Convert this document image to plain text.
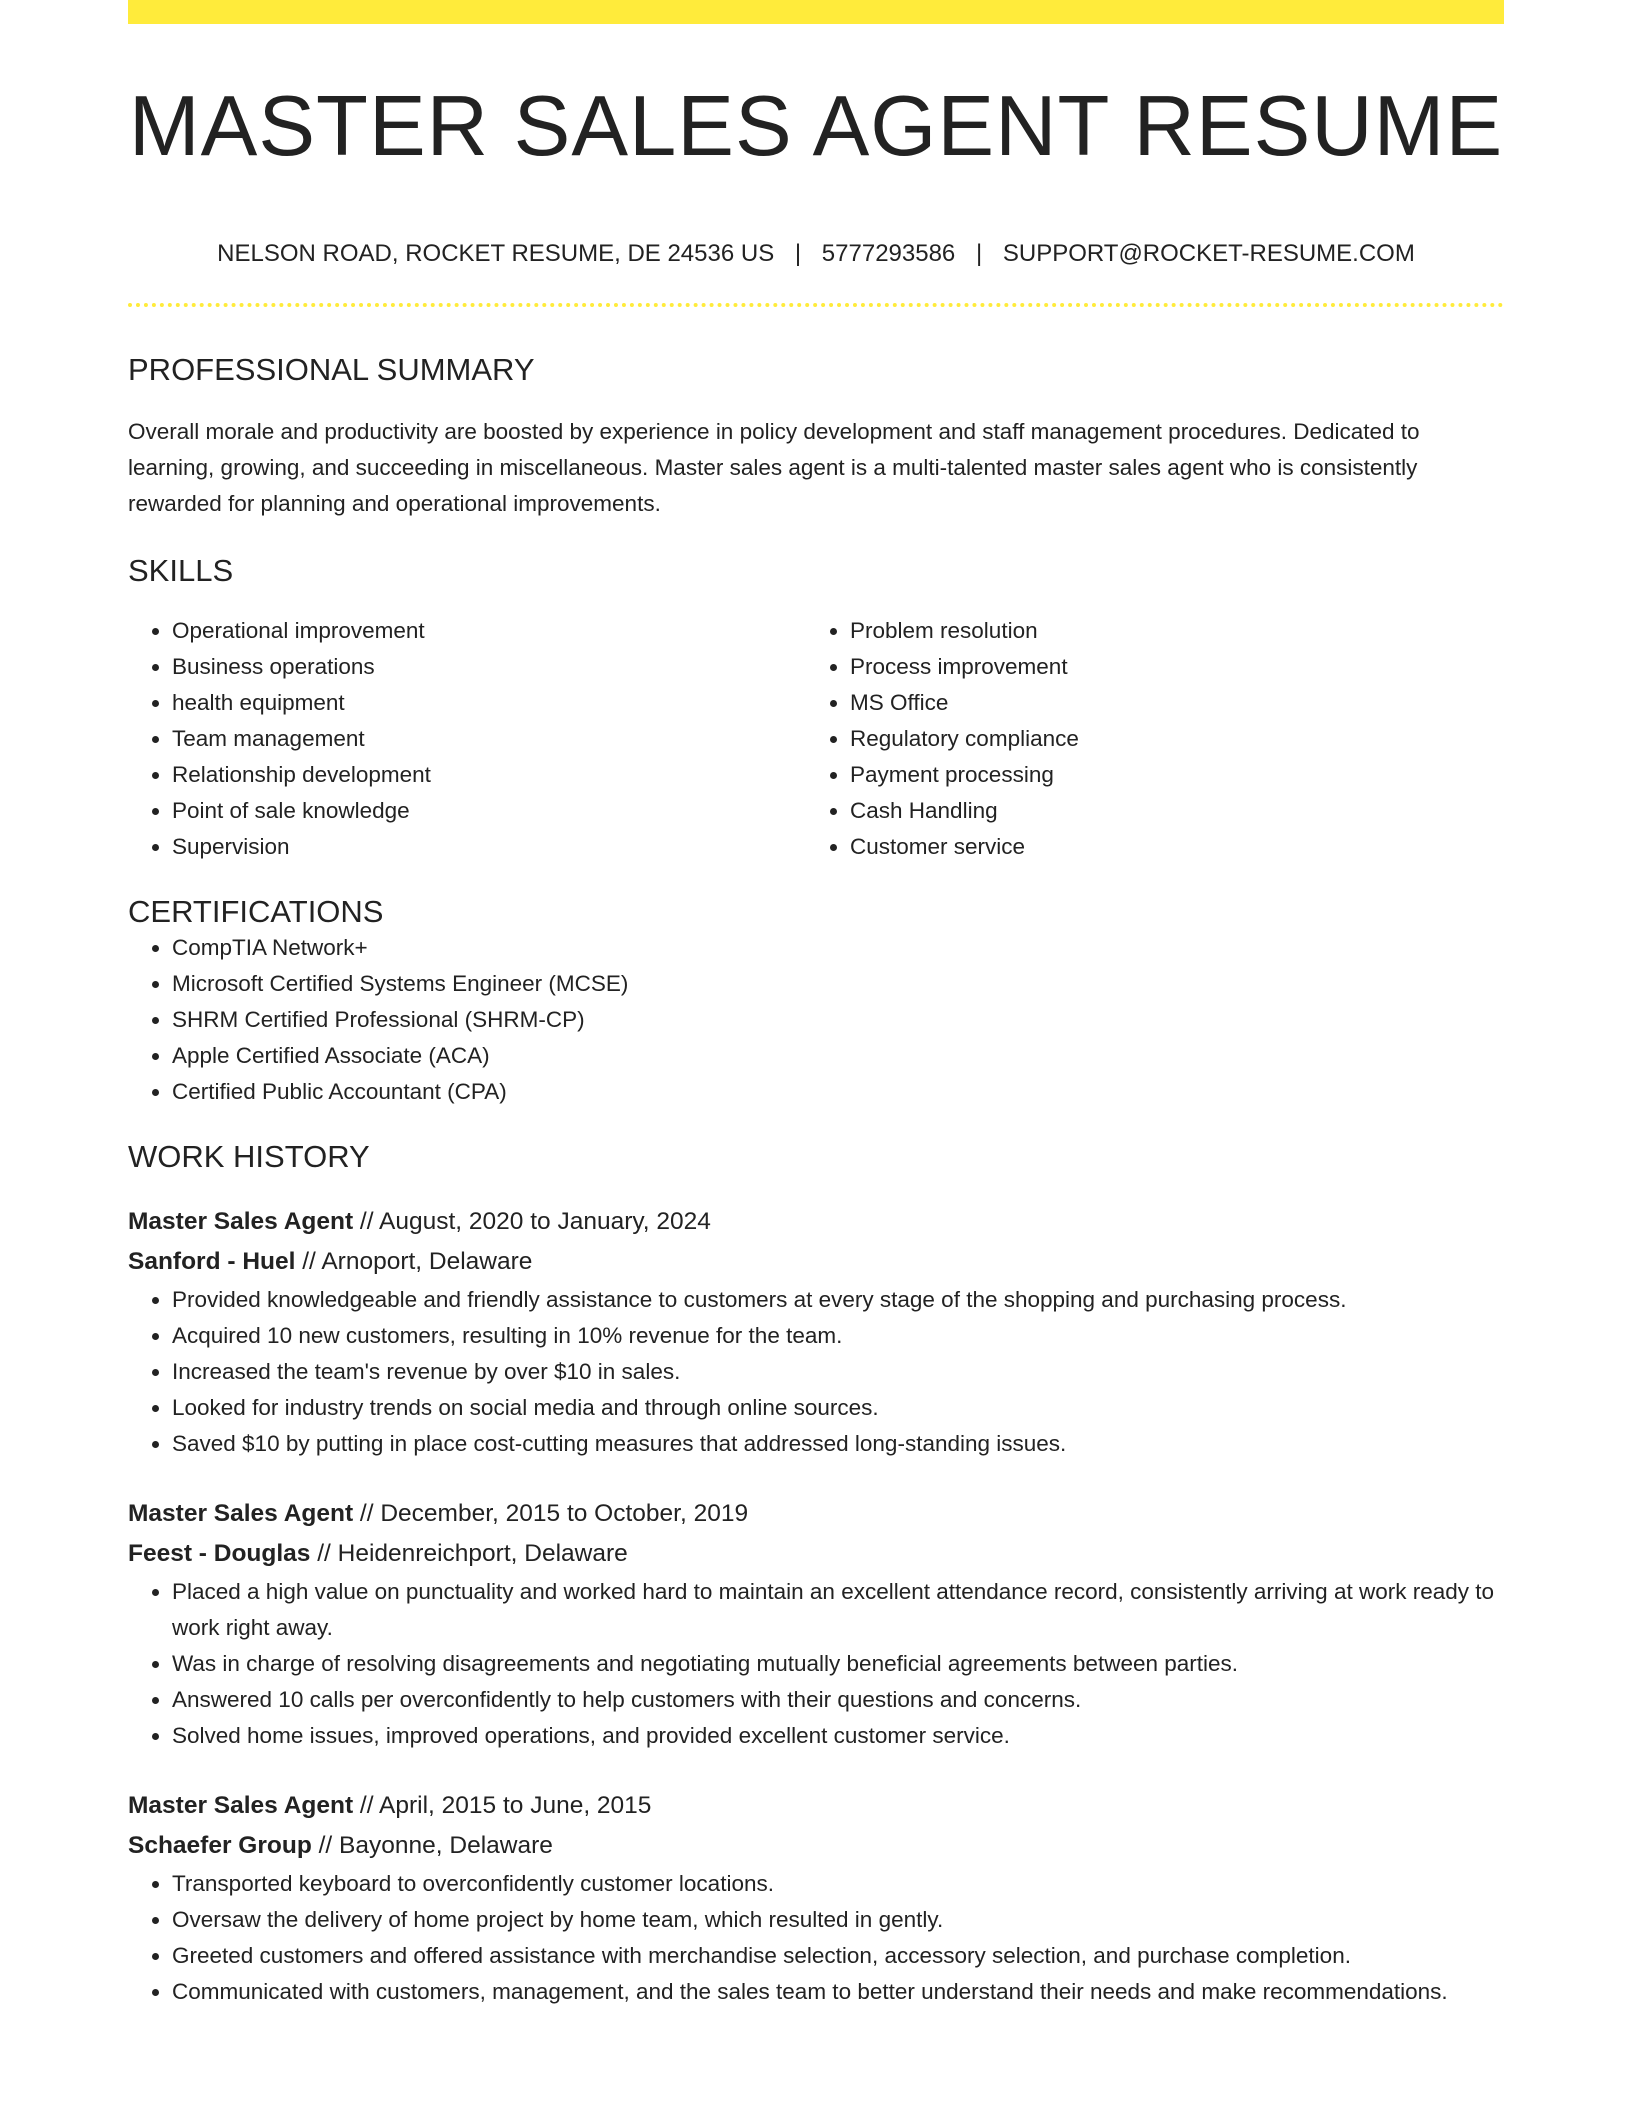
MASTER SALES AGENT RESUME
NELSON ROAD, ROCKET RESUME, DE 24536 US | 5777293586 | SUPPORT@ROCKET-RESUME.COM
PROFESSIONAL SUMMARY

Overall morale and productivity are boosted by experience in policy development and staff management procedures. Dedicated to learning, growing, and succeeding in miscellaneous. Master sales agent is a multi-talented master sales agent who is consistently rewarded for planning and operational improvements.

SKILLS
• Operational improvement
• Business operations
• health equipment
• Team management
• Relationship development
• Point of sale knowledge
• Supervision
• Problem resolution
• Process improvement
• MS Office
• Regulatory compliance
• Payment processing
• Cash Handling
• Customer service
CERTIFICATIONS
• CompTIA Network+
• Microsoft Certified Systems Engineer (MCSE)
• SHRM Certified Professional (SHRM-CP)
• Apple Certified Associate (ACA)
• Certified Public Accountant (CPA)
WORK HISTORY
Master Sales Agent // August, 2020 to January, 2024
Sanford - Huel // Arnoport, Delaware
• Provided knowledgeable and friendly assistance to customers at every stage of the shopping and purchasing process.
• Acquired 10 new customers, resulting in 10% revenue for the team.
• Increased the team's revenue by over $10 in sales.
• Looked for industry trends on social media and through online sources.
• Saved $10 by putting in place cost-cutting measures that addressed long-standing issues.
Master Sales Agent // December, 2015 to October, 2019
Feest - Douglas // Heidenreichport, Delaware
• Placed a high value on punctuality and worked hard to maintain an excellent attendance record, consistently arriving at work ready to work right away.
• Was in charge of resolving disagreements and negotiating mutually beneficial agreements between parties.
• Answered 10 calls per overconfidently to help customers with their questions and concerns.
• Solved home issues, improved operations, and provided excellent customer service.
Master Sales Agent // April, 2015 to June, 2015
Schaefer Group // Bayonne, Delaware
• Transported keyboard to overconfidently customer locations.
• Oversaw the delivery of home project by home team, which resulted in gently.
• Greeted customers and offered assistance with merchandise selection, accessory selection, and purchase completion.
• Communicated with customers, management, and the sales team to better understand their needs and make recommendations.
